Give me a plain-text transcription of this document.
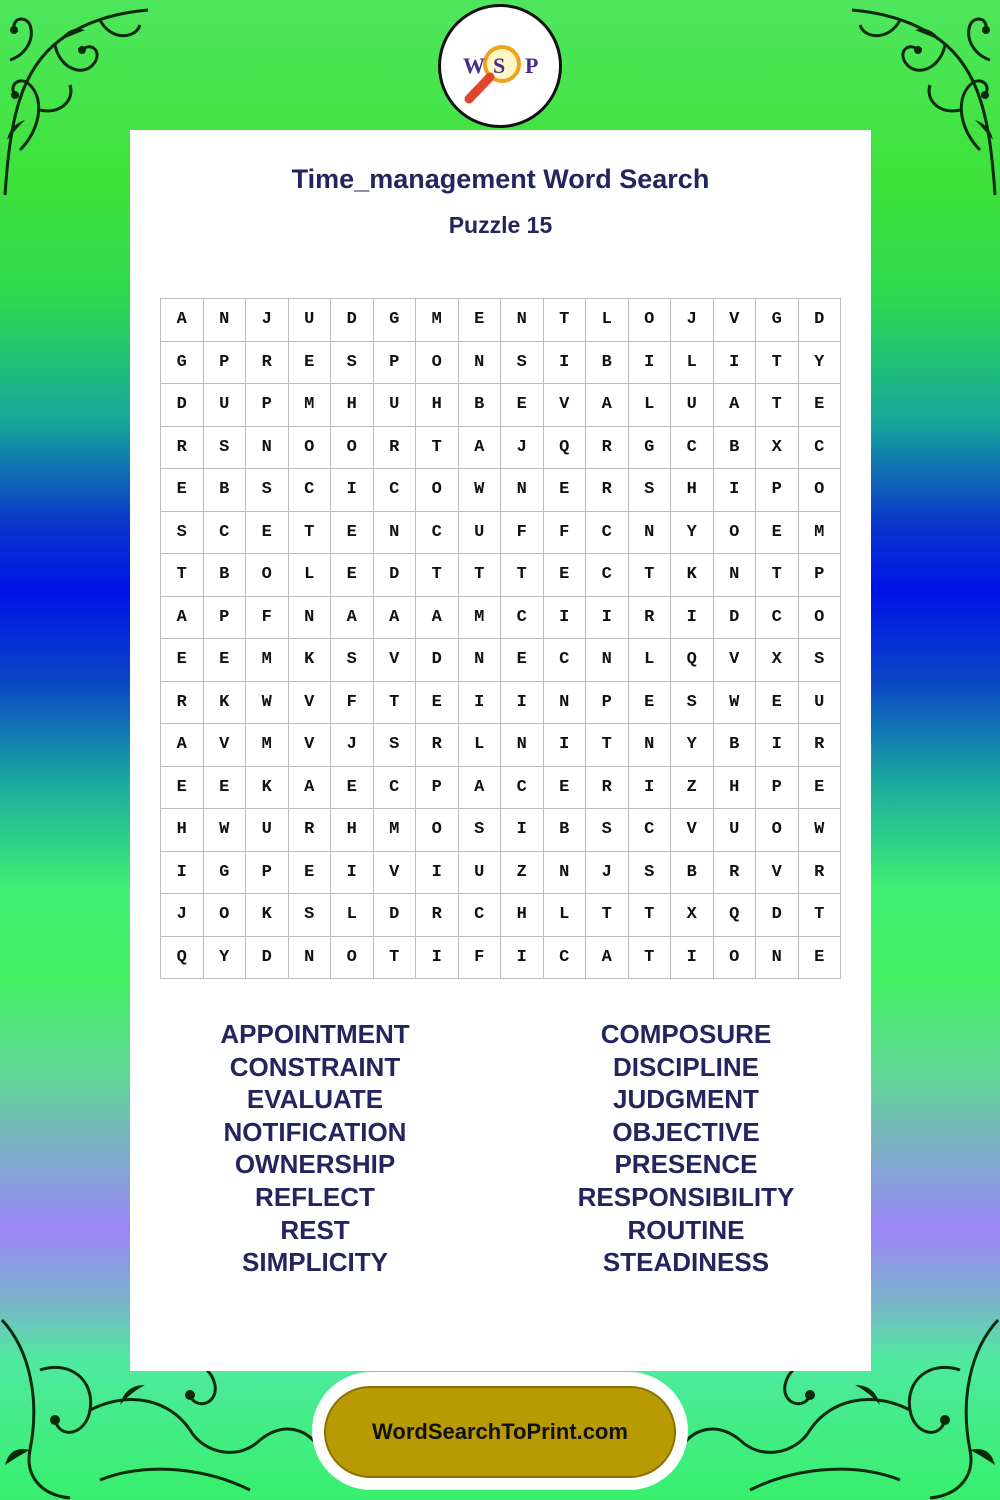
W S P
Time_management Word Search
Puzzle 15
A	N	J	U	D	G	M	E	N	T	L	O	J	V	G	D
G	P	R	E	S	P	O	N	S	I	B	I	L	I	T	Y
D	U	P	M	H	U	H	B	E	V	A	L	U	A	T	E
R	S	N	O	O	R	T	A	J	Q	R	G	C	B	X	C
E	B	S	C	I	C	O	W	N	E	R	S	H	I	P	O
S	C	E	T	E	N	C	U	F	F	C	N	Y	O	E	M
T	B	O	L	E	D	T	T	T	E	C	T	K	N	T	P
A	P	F	N	A	A	A	M	C	I	I	R	I	D	C	O
E	E	M	K	S	V	D	N	E	C	N	L	Q	V	X	S
R	K	W	V	F	T	E	I	I	N	P	E	S	W	E	U
A	V	M	V	J	S	R	L	N	I	T	N	Y	B	I	R
E	E	K	A	E	C	P	A	C	E	R	I	Z	H	P	E
H	W	U	R	H	M	O	S	I	B	S	C	V	U	O	W
I	G	P	E	I	V	I	U	Z	N	J	S	B	R	V	R
J	O	K	S	L	D	R	C	H	L	T	T	X	Q	D	T
Q	Y	D	N	O	T	I	F	I	C	A	T	I	O	N	E
APPOINTMENT
CONSTRAINT
EVALUATE
NOTIFICATION
OWNERSHIP
REFLECT
REST
SIMPLICITY
COMPOSURE
DISCIPLINE
JUDGMENT
OBJECTIVE
PRESENCE
RESPONSIBILITY
ROUTINE
STEADINESS
WordSearchToPrint.com
